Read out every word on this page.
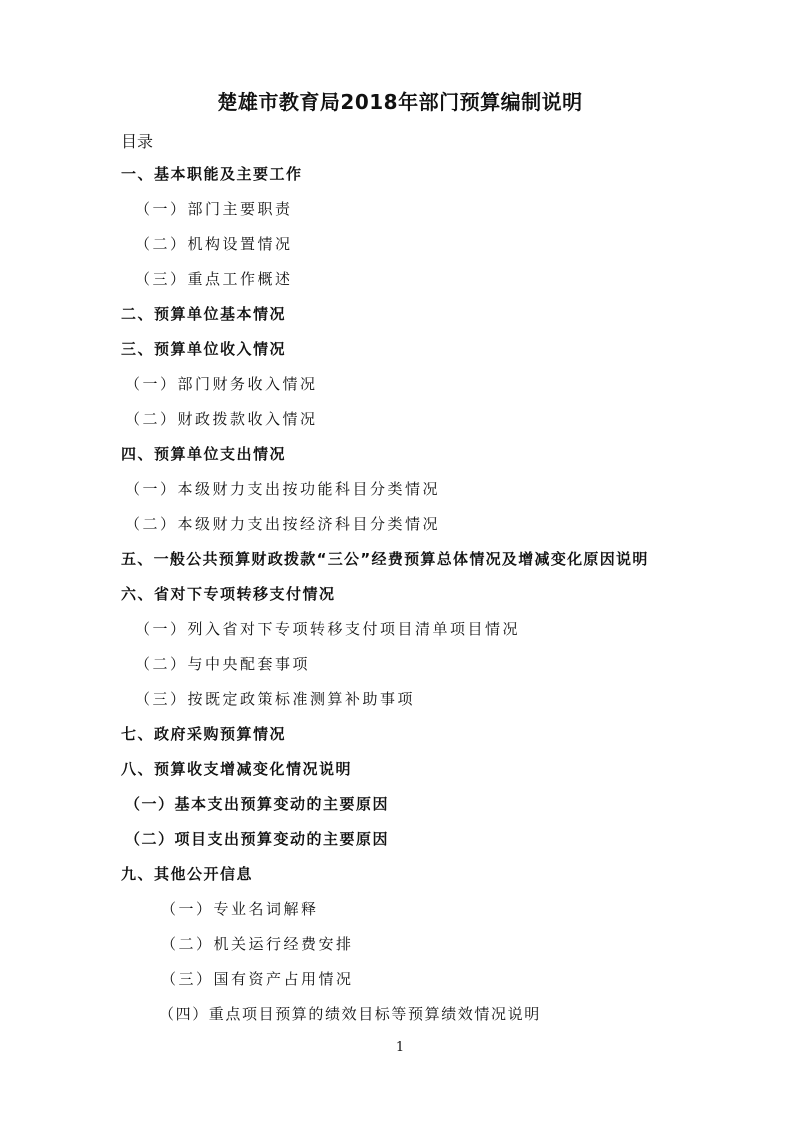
楚雄市教育局2018年部门预算编制说明
目录
一、基本职能及主要工作
（一）部门主要职责
（二）机构设置情况
（三）重点工作概述
二、预算单位基本情况
三、预算单位收入情况
（一）部门财务收入情况
（二）财政拨款收入情况
四、预算单位支出情况
（一）本级财力支出按功能科目分类情况
（二）本级财力支出按经济科目分类情况
五、一般公共预算财政拨款“三公”经费预算总体情况及增减变化原因说明
六、省对下专项转移支付情况
（一）列入省对下专项转移支付项目清单项目情况
（二）与中央配套事项
（三）按既定政策标准测算补助事项
七、政府采购预算情况
八、预算收支增减变化情况说明
（一）基本支出预算变动的主要原因
（二）项目支出预算变动的主要原因
九、其他公开信息
（一）专业名词解释
（二）机关运行经费安排
（三）国有资产占用情况
（四）重点项目预算的绩效目标等预算绩效情况说明
1
